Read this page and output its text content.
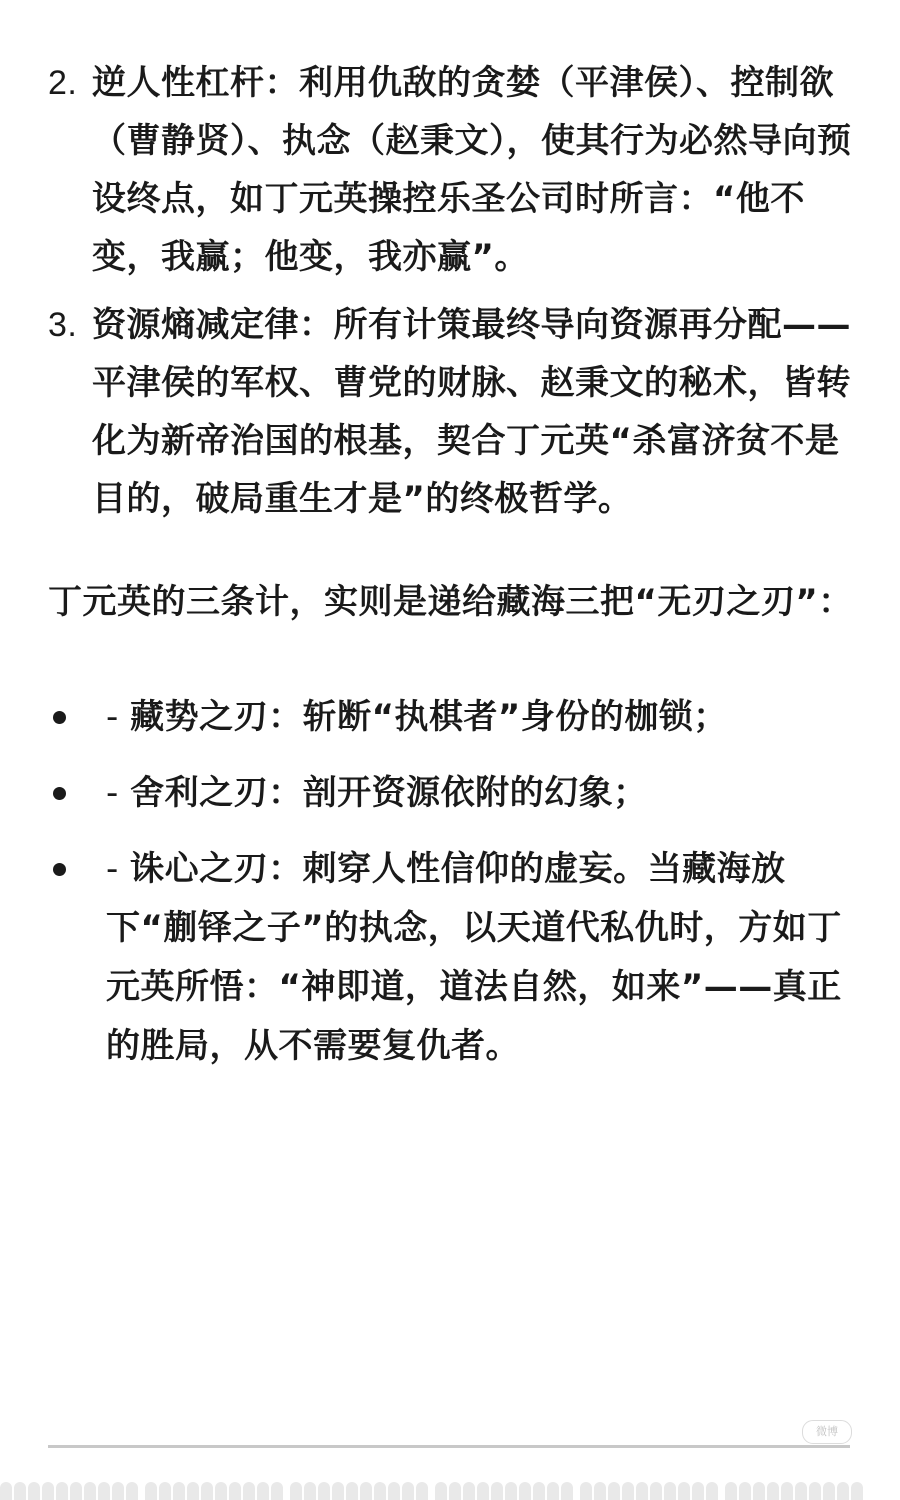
2. 逆人性杠杆：利用仇敌的贪婪（平津侯）、控制欲（曹静贤）、执念（赵秉文），使其行为必然导向预设终点，如丁元英操控乐圣公司时所言：“他不变，我赢；他变，我亦赢”。
3. 资源熵减定律：所有计策最终导向资源再分配——平津侯的军权、曹党的财脉、赵秉文的秘术，皆转化为新帝治国的根基，契合丁元英“杀富济贫不是目的，破局重生才是”的终极哲学。

丁元英的三条计，实则是递给藏海三把“无刃之刃”：

- 藏势之刃：斩断“执棋者”身份的枷锁；
- 舍利之刃：剖开资源依附的幻象；
- 诛心之刃：刺穿人性信仰的虚妄。当藏海放下“蒯铎之子”的执念，以天道代私仇时，方如丁元英所悟：“神即道，道法自然，如来”——真正的胜局，从不需要复仇者。
微博
